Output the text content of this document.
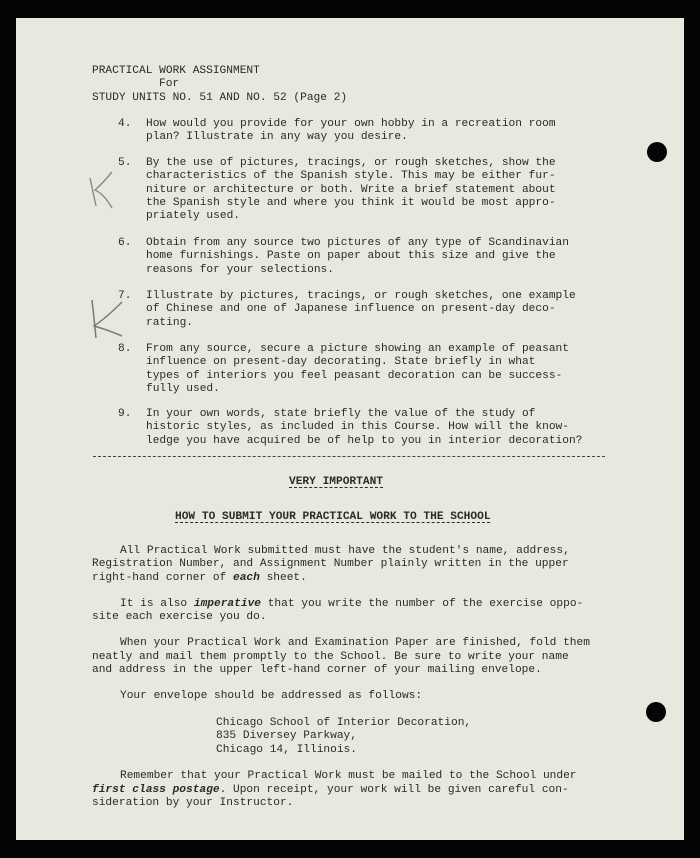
PRACTICAL WORK ASSIGNMENT
For
STUDY UNITS NO. 51 AND NO. 52 (Page 2)
4. How would you provide for your own hobby in a recreation room
plan? Illustrate in any way you desire.
5. By the use of pictures, tracings, or rough sketches, show the
characteristics of the Spanish style. This may be either fur-
niture or architecture or both. Write a brief statement about
the Spanish style and where you think it would be most appro-
priately used.
6. Obtain from any source two pictures of any type of Scandinavian
home furnishings. Paste on paper about this size and give the
reasons for your selections.
7. Illustrate by pictures, tracings, or rough sketches, one example
of Chinese and one of Japanese influence on present-day deco-
rating.
8. From any source, secure a picture showing an example of peasant
influence on present-day decorating. State briefly in what
types of interiors you feel peasant decoration can be success-
fully used.
9. In your own words, state briefly the value of the study of
historic styles, as included in this Course. How will the know-
ledge you have acquired be of help to you in interior decoration?
VERY IMPORTANT
HOW TO SUBMIT YOUR PRACTICAL WORK TO THE SCHOOL
All Practical Work submitted must have the student's name, address,
Registration Number, and Assignment Number plainly written in the upper
right-hand corner of each sheet.
It is also imperative that you write the number of the exercise oppo-
site each exercise you do.
When your Practical Work and Examination Paper are finished, fold them
neatly and mail them promptly to the School. Be sure to write your name
and address in the upper left-hand corner of your mailing envelope.
Your envelope should be addressed as follows:
Chicago School of Interior Decoration,
835 Diversey Parkway,
Chicago 14, Illinois.
Remember that your Practical Work must be mailed to the School under
first class postage. Upon receipt, your work will be given careful con-
sideration by your Instructor.
